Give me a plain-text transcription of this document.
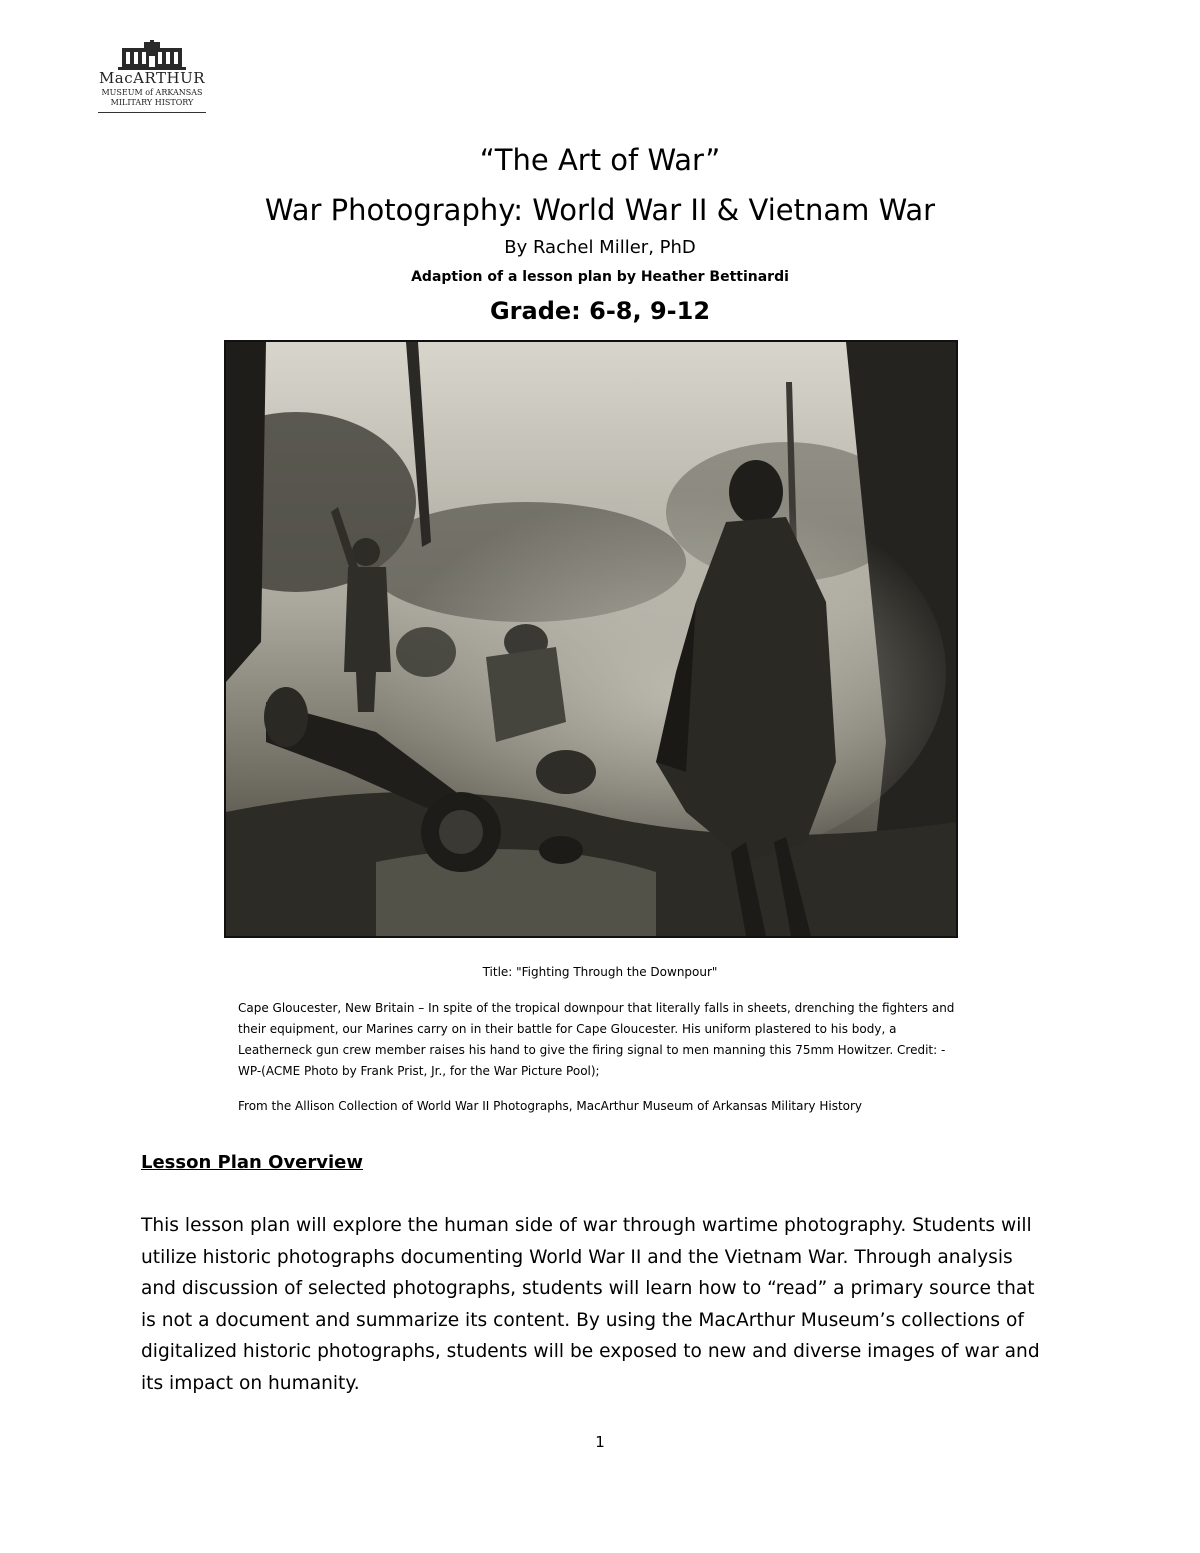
MacARTHUR
MUSEUM of ARKANSAS
MILITARY HISTORY
“The Art of War”
War Photography: World War II & Vietnam War
By Rachel Miller, PhD
Adaption of a lesson plan by Heather Bettinardi
Grade: 6-8, 9-12
Title: "Fighting Through the Downpour"
Cape Gloucester, New Britain – In spite of the tropical downpour that literally falls in sheets, drenching the fighters and their equipment, our Marines carry on in their battle for Cape Gloucester. His uniform plastered to his body, a Leatherneck gun crew member raises his hand to give the firing signal to men manning this 75mm Howitzer. Credit: -WP-(ACME Photo by Frank Prist, Jr., for the War Picture Pool);
From the Allison Collection of World War II Photographs, MacArthur Museum of Arkansas Military History
Lesson Plan Overview
This lesson plan will explore the human side of war through wartime photography. Students will utilize historic photographs documenting World War II and the Vietnam War. Through analysis and discussion of selected photographs, students will learn how to “read” a primary source that is not a document and summarize its content. By using the MacArthur Museum’s collections of digitalized historic photographs, students will be exposed to new and diverse images of war and its impact on humanity.
1
